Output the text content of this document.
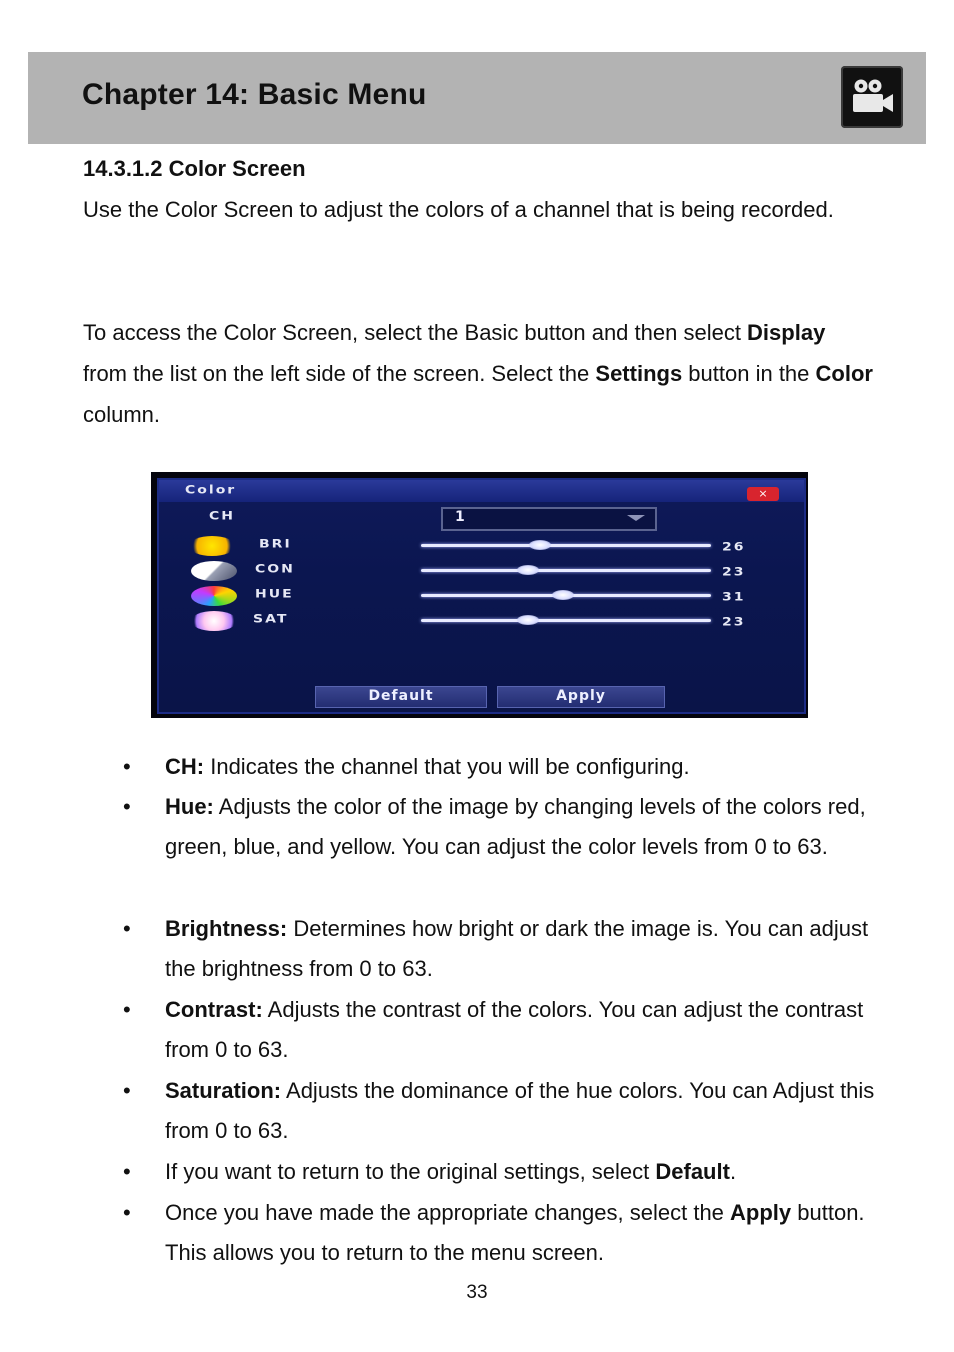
Chapter 14: Basic Menu
14.3.1.2 Color Screen
Use the Color Screen to adjust the colors of a channel that is being recorded.
To access the Color Screen, select the Basic button and then select Display from the list on the left side of the screen. Select the Settings button in the Color column.
Color	×
CH	1
BRI	26
CON	23
HUE	31
SAT	23
Default	Apply
• CH: Indicates the channel that you will be configuring.
• Hue: Adjusts the color of the image by changing levels of the colors red, green, blue, and yellow. You can adjust the color levels from 0 to 63.
• Brightness: Determines how bright or dark the image is. You can adjust the brightness from 0 to 63.
• Contrast: Adjusts the contrast of the colors. You can adjust the contrast from 0 to 63.
• Saturation: Adjusts the dominance of the hue colors. You can Adjust this from 0 to 63.
• If you want to return to the original settings, select Default.
• Once you have made the appropriate changes, select the Apply button. This allows you to return to the menu screen.
33
